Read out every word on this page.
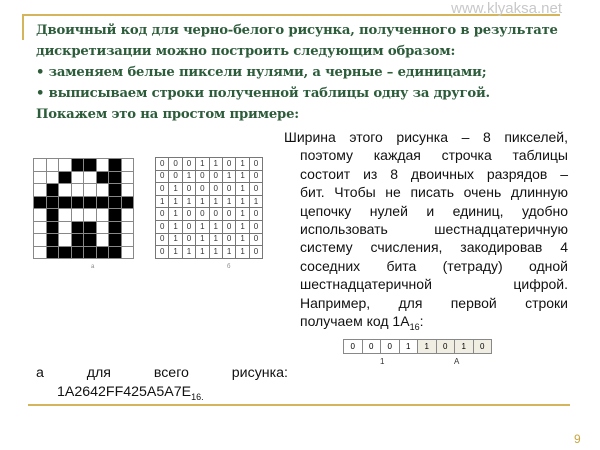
www.klyaksa.net
Двоичный код для черно-белого рисунка, полученного в результате
дискретизации можно построить следующим образом:
• заменяем белые пиксели нулями, а черные – единицами;
• выписываем строки полученной таблицы одну за другой.
Покажем это на простом примере:

0	0	0	1	1	0	1	0
0	0	1	0	0	1	1	0
0	1	0	0	0	0	1	0
1	1	1	1	1	1	1	1
0	1	0	0	0	0	1	0
0	1	0	1	1	0	1	0
0	1	0	1	1	0	1	0
0	1	1	1	1	1	1	0
а	б
Ширина этого рисунка – 8 пикселей,
поэтому каждая строчка таблицы
состоит из 8 двоичных разрядов –
бит. Чтобы не писать очень длинную
цепочку нулей и единиц, удобно
использовать шестнадцатеричную
систему счисления, закодировав 4
соседних бита (тетраду) одной
шестнадцатеричной цифрой.
Например, для первой строки
получаем код $1A_{16}$:
0	0	0	1	1	0	1	0
1	A
а	для	всего	рисунка:
$1A2642FF425A5A7E_{16.}$
9
